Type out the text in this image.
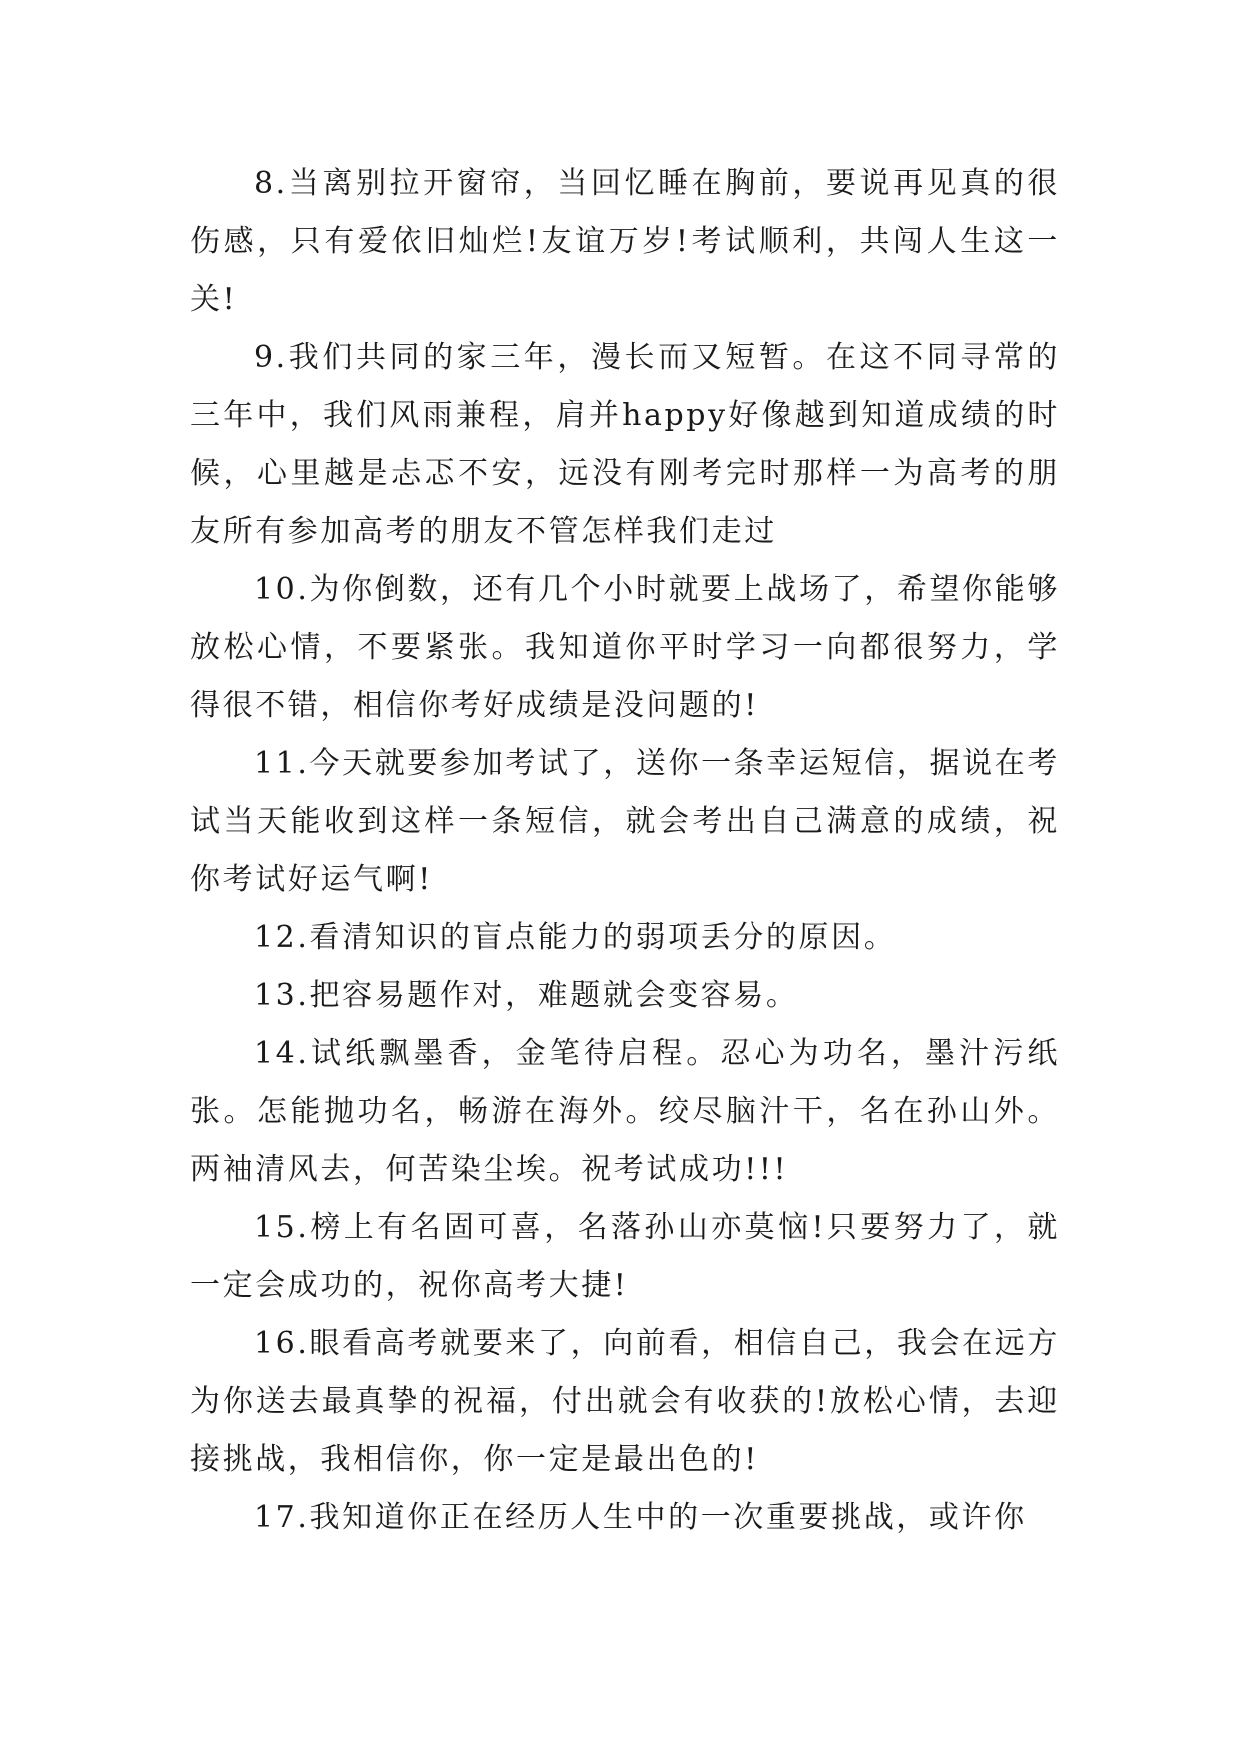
8.当离别拉开窗帘，当回忆睡在胸前，要说再见真的很伤感，只有爱依旧灿烂!友谊万岁!考试顺利，共闯人生这一关!

9.我们共同的家三年，漫长而又短暂。在这不同寻常的三年中，我们风雨兼程，肩并happy好像越到知道成绩的时候，心里越是忐忑不安，远没有刚考完时那样一为高考的朋友所有参加高考的朋友不管怎样我们走过

10.为你倒数，还有几个小时就要上战场了，希望你能够放松心情，不要紧张。我知道你平时学习一向都很努力，学得很不错，相信你考好成绩是没问题的!

11.今天就要参加考试了，送你一条幸运短信，据说在考试当天能收到这样一条短信，就会考出自己满意的成绩，祝你考试好运气啊!

12.看清知识的盲点能力的弱项丢分的原因。

13.把容易题作对，难题就会变容易。

14.试纸飘墨香，金笔待启程。忍心为功名，墨汁污纸张。怎能抛功名，畅游在海外。绞尽脑汁干，名在孙山外。两袖清风去，何苦染尘埃。祝考试成功!!!

15.榜上有名固可喜，名落孙山亦莫恼!只要努力了，就一定会成功的，祝你高考大捷!

16.眼看高考就要来了，向前看，相信自己，我会在远方为你送去最真挚的祝福，付出就会有收获的!放松心情，去迎接挑战，我相信你，你一定是最出色的!

17.我知道你正在经历人生中的一次重要挑战，或许你
